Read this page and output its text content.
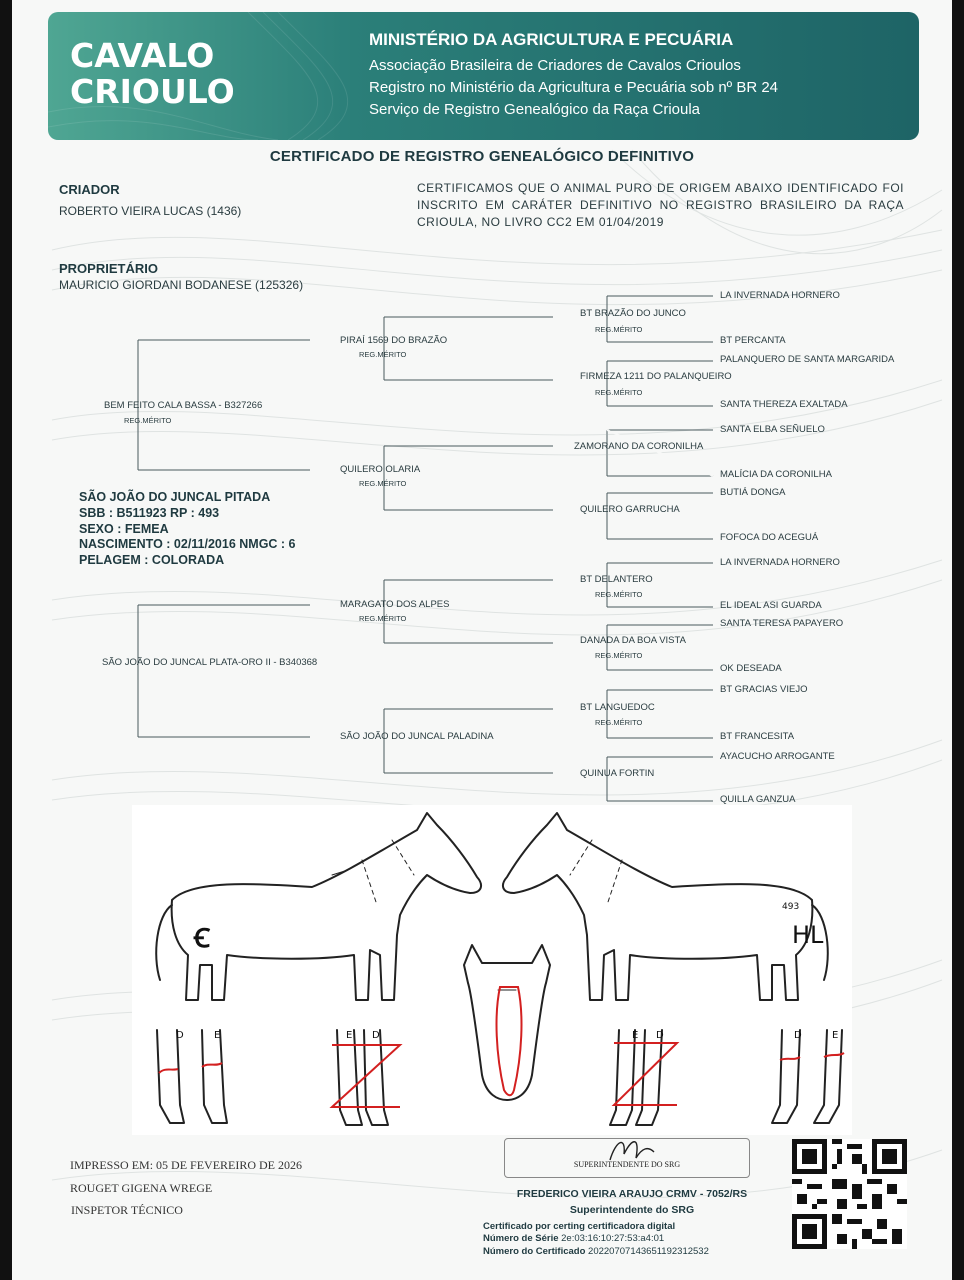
CAVALO
CRIOULO
MINISTÉRIO DA AGRICULTURA E PECUÁRIA
Associação Brasileira de Criadores de Cavalos Crioulos
Registro no Ministério da Agricultura e Pecuária sob nº BR 24
Serviço de Registro Genealógico da Raça Crioula
CERTIFICADO DE REGISTRO GENEALÓGICO DEFINITIVO
CRIADOR
ROBERTO VIEIRA LUCAS (1436)
PROPRIETÁRIO
MAURICIO GIORDANI BODANESE (125326)
CERTIFICAMOS QUE O ANIMAL PURO DE ORIGEM ABAIXO IDENTIFICADO FOI INSCRITO EM CARÁTER DEFINITIVO NO REGISTRO BRASILEIRO DA RAÇA CRIOULA, NO LIVRO CC2 EM 01/04/2019
BEM FEITO CALA BASSA - B327266
REG.MÉRITO
SÃO JOÃO DO JUNCAL PLATA-ORO II - B340368
PIRAÍ 1569 DO BRAZÃO
REG.MÉRITO
QUILERO OLARIA
REG.MÉRITO
MARAGATO DOS ALPES
REG.MÉRITO
SÃO JOÃO DO JUNCAL PALADINA
BT BRAZÃO DO JUNCO
REG.MÉRITO
FIRMEZA 1211 DO PALANQUEIRO
REG.MÉRITO
ZAMORANO DA CORONILHA
QUILERO GARRUCHA
BT DELANTERO
REG.MÉRITO
DANADA DA BOA VISTA
REG.MÉRITO
BT LANGUEDOC
REG.MÉRITO
QUINUA FORTIN
LA INVERNADA HORNERO
BT PERCANTA
PALANQUERO DE SANTA MARGARIDA
SANTA THEREZA EXALTADA
SANTA ELBA SEÑUELO
MALÍCIA DA CORONILHA
BUTIÁ DONGA
FOFOCA DO ACEGUÁ
LA INVERNADA HORNERO
EL IDEAL ASI GUARDA
SANTA TERESA PAPAYERO
OK DESEADA
BT GRACIAS VIEJO
BT FRANCESITA
AYACUCHO ARROGANTE
QUILLA GANZUA
SÃO JOÃO DO JUNCAL PITADA
SBB : B511923 RP : 493
SEXO : FEMEA
NASCIMENTO : 02/11/2016 NMGC : 6
PELAGEM : COLORADA
Ꞓ	HL
493
D	E	E D	E D	D	E
IMPRESSO EM: 05 DE FEVEREIRO DE 2026
ROUGET GIGENA WREGE
INSPETOR TÉCNICO
SUPERINTENDENTE DO SRG
FREDERICO VIEIRA ARAUJO CRMV - 7052/RS
Superintendente do SRG
Certificado por certing certificadora digital
Número de Série 2e:03:16:10:27:53:a4:01
Número do Certificado 20220707143651192312532
